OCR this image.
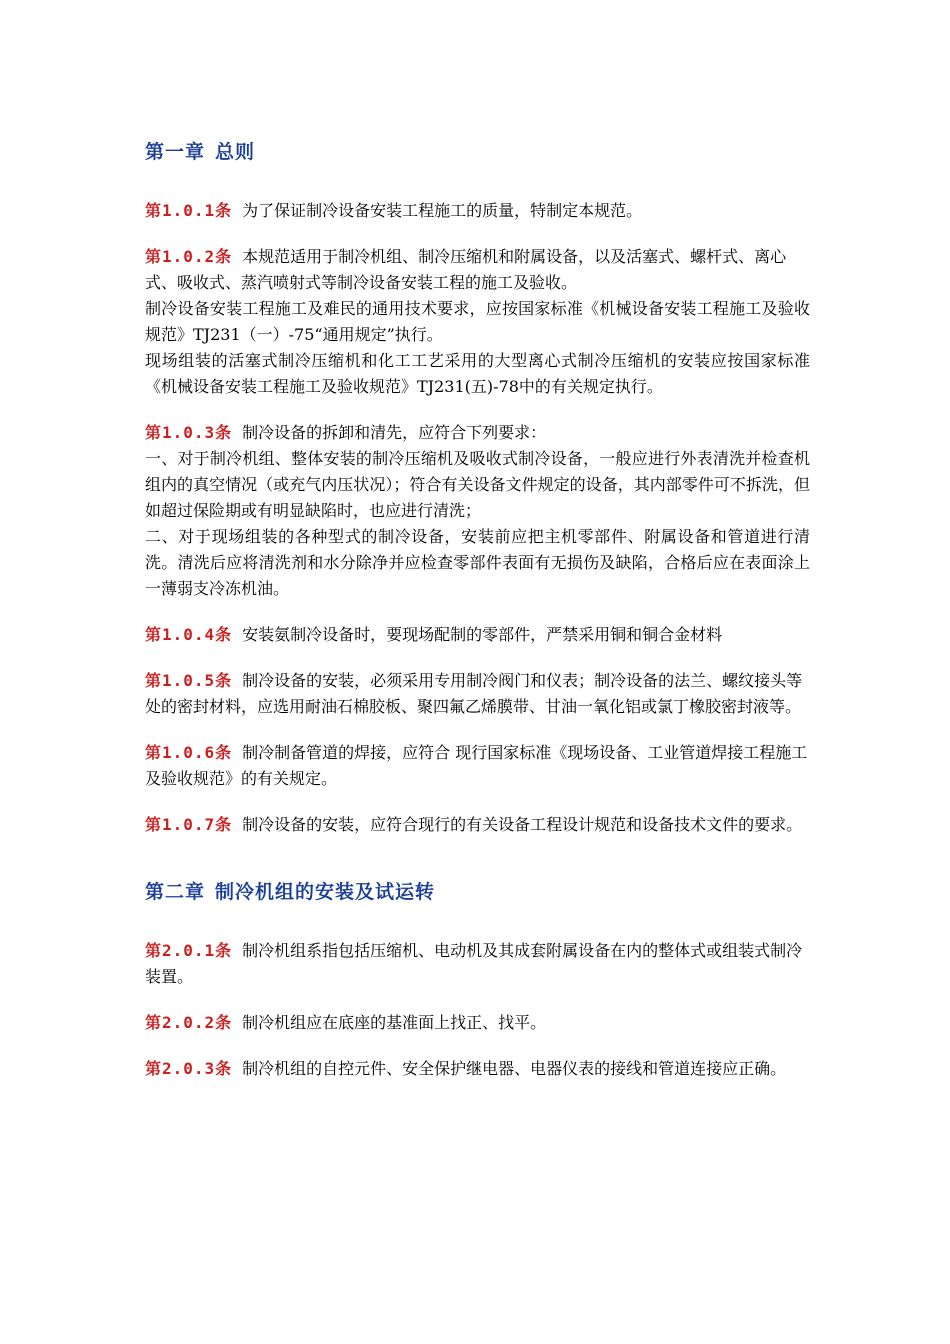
第一章 总则

第1.0.1条 为了保证制冷设备安装工程施工的质量，特制定本规范。

第1.0.2条 本规范适用于制冷机组、制冷压缩机和附属设备，以及活塞式、螺杆式、离心式、吸收式、蒸汽喷射式等制冷设备安装工程的施工及验收。
制冷设备安装工程施工及难民的通用技术要求，应按国家标准《机械设备安装工程施工及验收规范》TJ231（一）-75“通用规定”执行。
现场组装的活塞式制冷压缩机和化工工艺采用的大型离心式制冷压缩机的安装应按国家标准《机械设备安装工程施工及验收规范》TJ231(五)-78中的有关规定执行。

第1.0.3条 制冷设备的拆卸和清先，应符合下列要求：
一、对于制冷机组、整体安装的制冷压缩机及吸收式制冷设备，一般应进行外表清洗并检查机组内的真空情况（或充气内压状况）；符合有关设备文件规定的设备，其内部零件可不拆洗，但如超过保险期或有明显缺陷时，也应进行清洗；
二、对于现场组装的各种型式的制冷设备，安装前应把主机零部件、附属设备和管道进行清洗。清洗后应将清洗剂和水分除净并应检查零部件表面有无损伤及缺陷，合格后应在表面涂上一薄弱支冷冻机油。

第1.0.4条 安装氨制冷设备时，要现场配制的零部件，严禁采用铜和铜合金材料

第1.0.5条 制冷设备的安装，必须采用专用制冷阀门和仪表；制冷设备的法兰、螺纹接头等处的密封材料，应选用耐油石棉胶板、聚四氟乙烯膜带、甘油一氧化铝或氯丁橡胶密封液等。

第1.0.6条 制冷制备管道的焊接，应符合 现行国家标准《现场设备、工业管道焊接工程施工及验收规范》的有关规定。

第1.0.7条 制冷设备的安装，应符合现行的有关设备工程设计规范和设备技术文件的要求。

第二章 制冷机组的安装及试运转

第2.0.1条 制冷机组系指包括压缩机、电动机及其成套附属设备在内的整体式或组装式制冷装置。

第2.0.2条 制冷机组应在底座的基准面上找正、找平。

第2.0.3条 制冷机组的自控元件、安全保护继电器、电器仪表的接线和管道连接应正确。
